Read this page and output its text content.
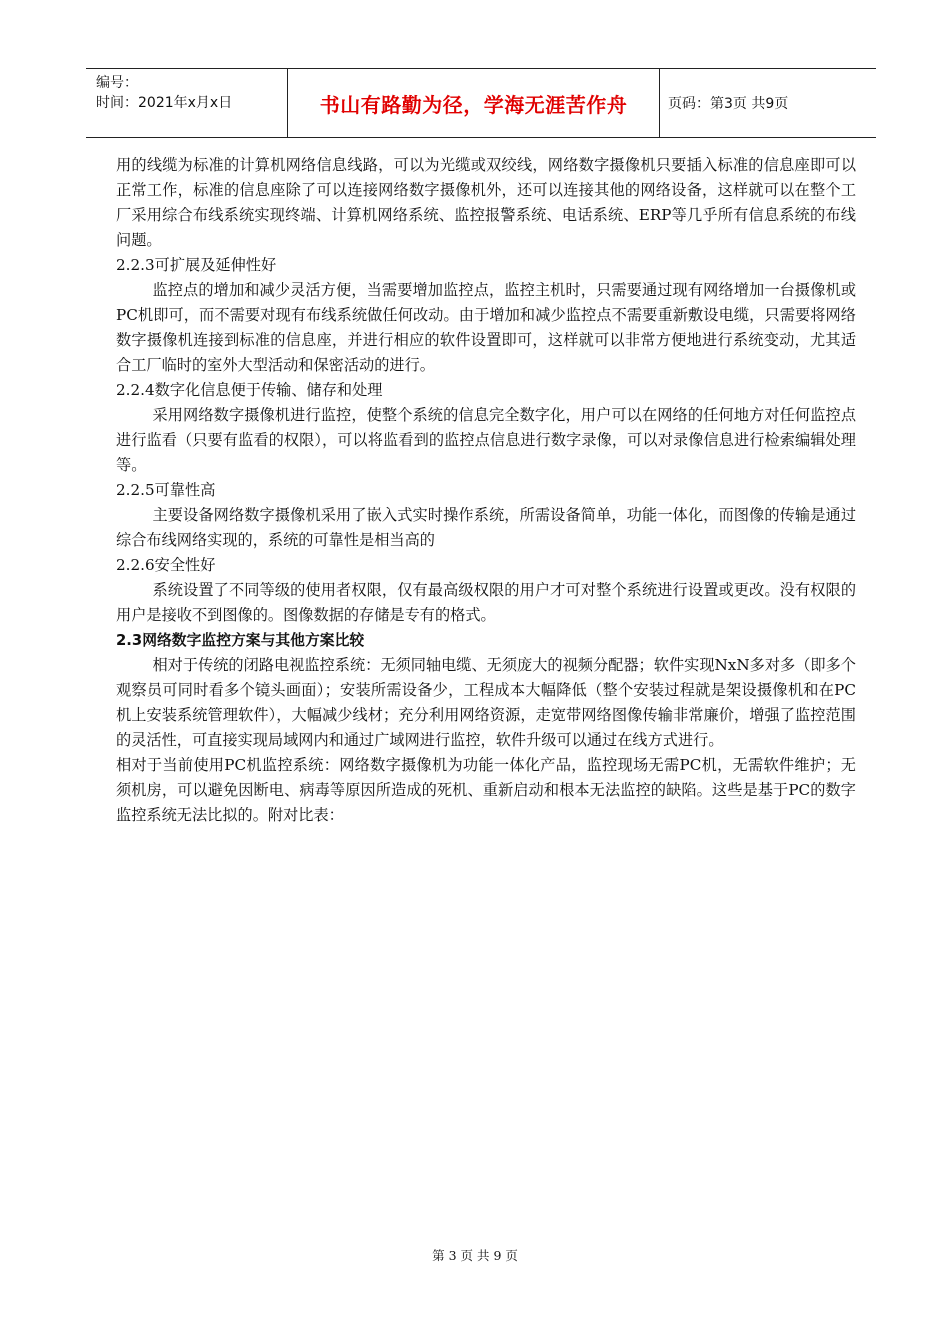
编号：
时间：2021年x月x日	书山有路勤为径，学海无涯苦作舟	页码：第3页 共9页

用的线缆为标准的计算机网络信息线路，可以为光缆或双绞线，网络数字摄像机只要插入标准的信息座即可以正常工作，标准的信息座除了可以连接网络数字摄像机外，还可以连接其他的网络设备，这样就可以在整个工厂采用综合布线系统实现终端、计算机网络系统、监控报警系统、电话系统、ERP等几乎所有信息系统的布线问题。

2.2.3可扩展及延伸性好

监控点的增加和减少灵活方便，当需要增加监控点，监控主机时，只需要通过现有网络增加一台摄像机或PC机即可，而不需要对现有布线系统做任何改动。由于增加和减少监控点不需要重新敷设电缆，只需要将网络数字摄像机连接到标准的信息座，并进行相应的软件设置即可，这样就可以非常方便地进行系统变动，尤其适合工厂临时的室外大型活动和保密活动的进行。

2.2.4数字化信息便于传输、储存和处理

采用网络数字摄像机进行监控，使整个系统的信息完全数字化，用户可以在网络的任何地方对任何监控点进行监看（只要有监看的权限），可以将监看到的监控点信息进行数字录像，可以对录像信息进行检索编辑处理等。

2.2.5可靠性高

主要设备网络数字摄像机采用了嵌入式实时操作系统，所需设备简单，功能一体化，而图像的传输是通过综合布线网络实现的，系统的可靠性是相当高的

2.2.6安全性好

系统设置了不同等级的使用者权限，仅有最高级权限的用户才可对整个系统进行设置或更改。没有权限的用户是接收不到图像的。图像数据的存储是专有的格式。

2.3网络数字监控方案与其他方案比较

相对于传统的闭路电视监控系统：无须同轴电缆、无须庞大的视频分配器；软件实现NxN多对多（即多个观察员可同时看多个镜头画面）；安装所需设备少，工程成本大幅降低（整个安装过程就是架设摄像机和在PC机上安装系统管理软件），大幅减少线材；充分利用网络资源，走宽带网络图像传输非常廉价，增强了监控范围的灵活性，可直接实现局域网内和通过广域网进行监控，软件升级可以通过在线方式进行。

相对于当前使用PC机监控系统：网络数字摄像机为功能一体化产品，监控现场无需PC机，无需软件维护；无须机房，可以避免因断电、病毒等原因所造成的死机、重新启动和根本无法监控的缺陷。这些是基于PC的数字监控系统无法比拟的。附对比表：

第 3 页 共 9 页
